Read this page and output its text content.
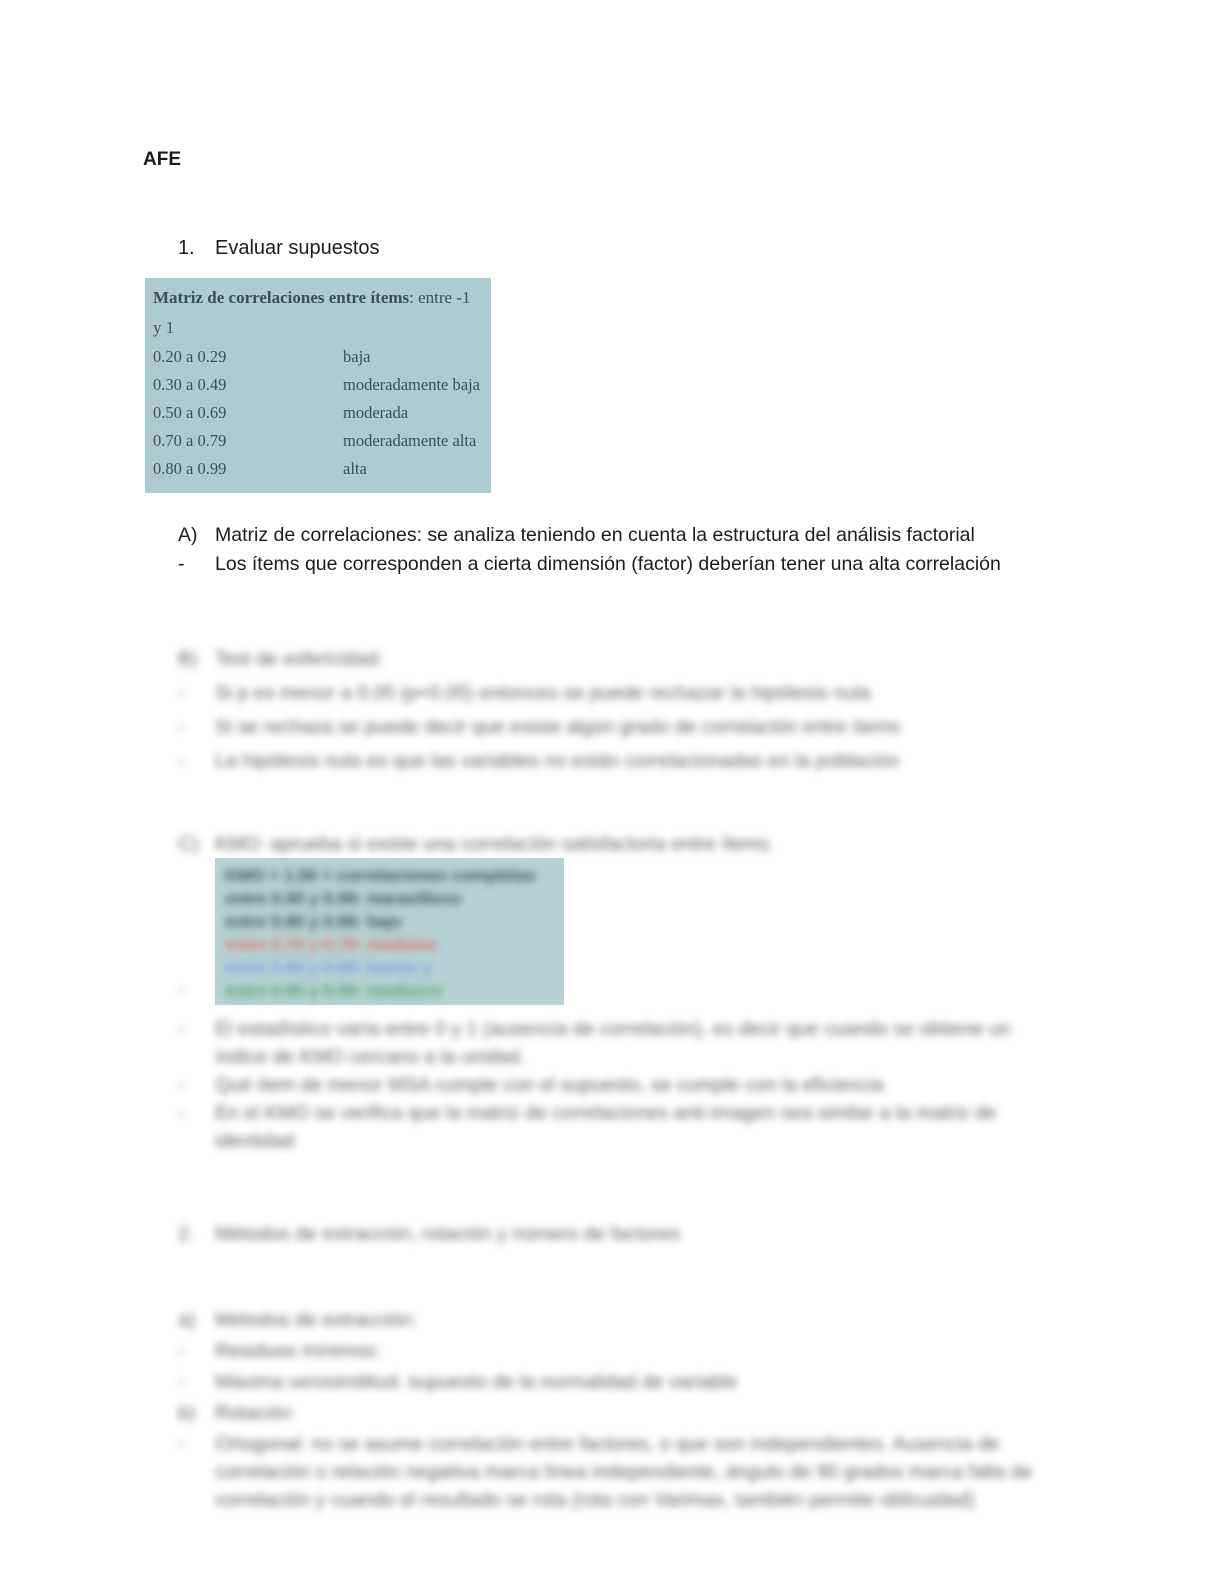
AFE
1.	Evaluar supuestos
Matriz de correlaciones entre ítems: entre -1 y 1
0.20 a 0.29	baja
0.30 a 0.49	moderadamente baja
0.50 a 0.69	moderada
0.70 a 0.79	moderadamente alta
0.80 a 0.99	alta
A) Matriz de correlaciones: se analiza teniendo en cuenta la estructura del análisis factorial
-	Los ítems que corresponden a cierta dimensión (factor) deberían tener una alta correlación
B) Test de esfericidad:
-	Si p es menor a 0.05 (p<0.05) entonces se puede rechazar la hipótesis nula
-	Si se rechaza se puede decir que existe algún grado de correlación entre ítems
-	La hipótesis nula es que las variables no están correlacionadas en la población
C) KMO: aprueba si existe una correlación satisfactoria entre ítems.
-
KMO = 1.00 = correlaciones completas
entre 0.90 y 0.99: maravilloso
entre 0.80 y 0.89: bajo
entre 0.70 y 0.79: mediano
entre 0.60 y 0.69: bueno y
entre 0.50 y 0.59: mediocre
-	El estadístico varía entre 0 y 1 (ausencia de correlación), es decir que cuando se obtiene un índice de KMO cercano a la unidad.
-	Qué ítem de menor MSA cumple con el supuesto, se cumple con la eficiencia
-	En el KMO se verifica que la matriz de correlaciones anti-imagen sea similar a la matriz de identidad
2.	Métodos de extracción, rotación y número de factores
a)	Métodos de extracción:
-	Residuos mínimos:
-	Máxima verosimilitud: supuesto de la normalidad de variable
b)	Rotación
-	Ortogonal: no se asume correlación entre factores, o que son independientes. Ausencia de correlación o relación negativa marca línea independiente, ángulo de 90 grados marca falta de correlación y cuando el resultado se rota (rota con Varimax, también permite oblicuidad)
